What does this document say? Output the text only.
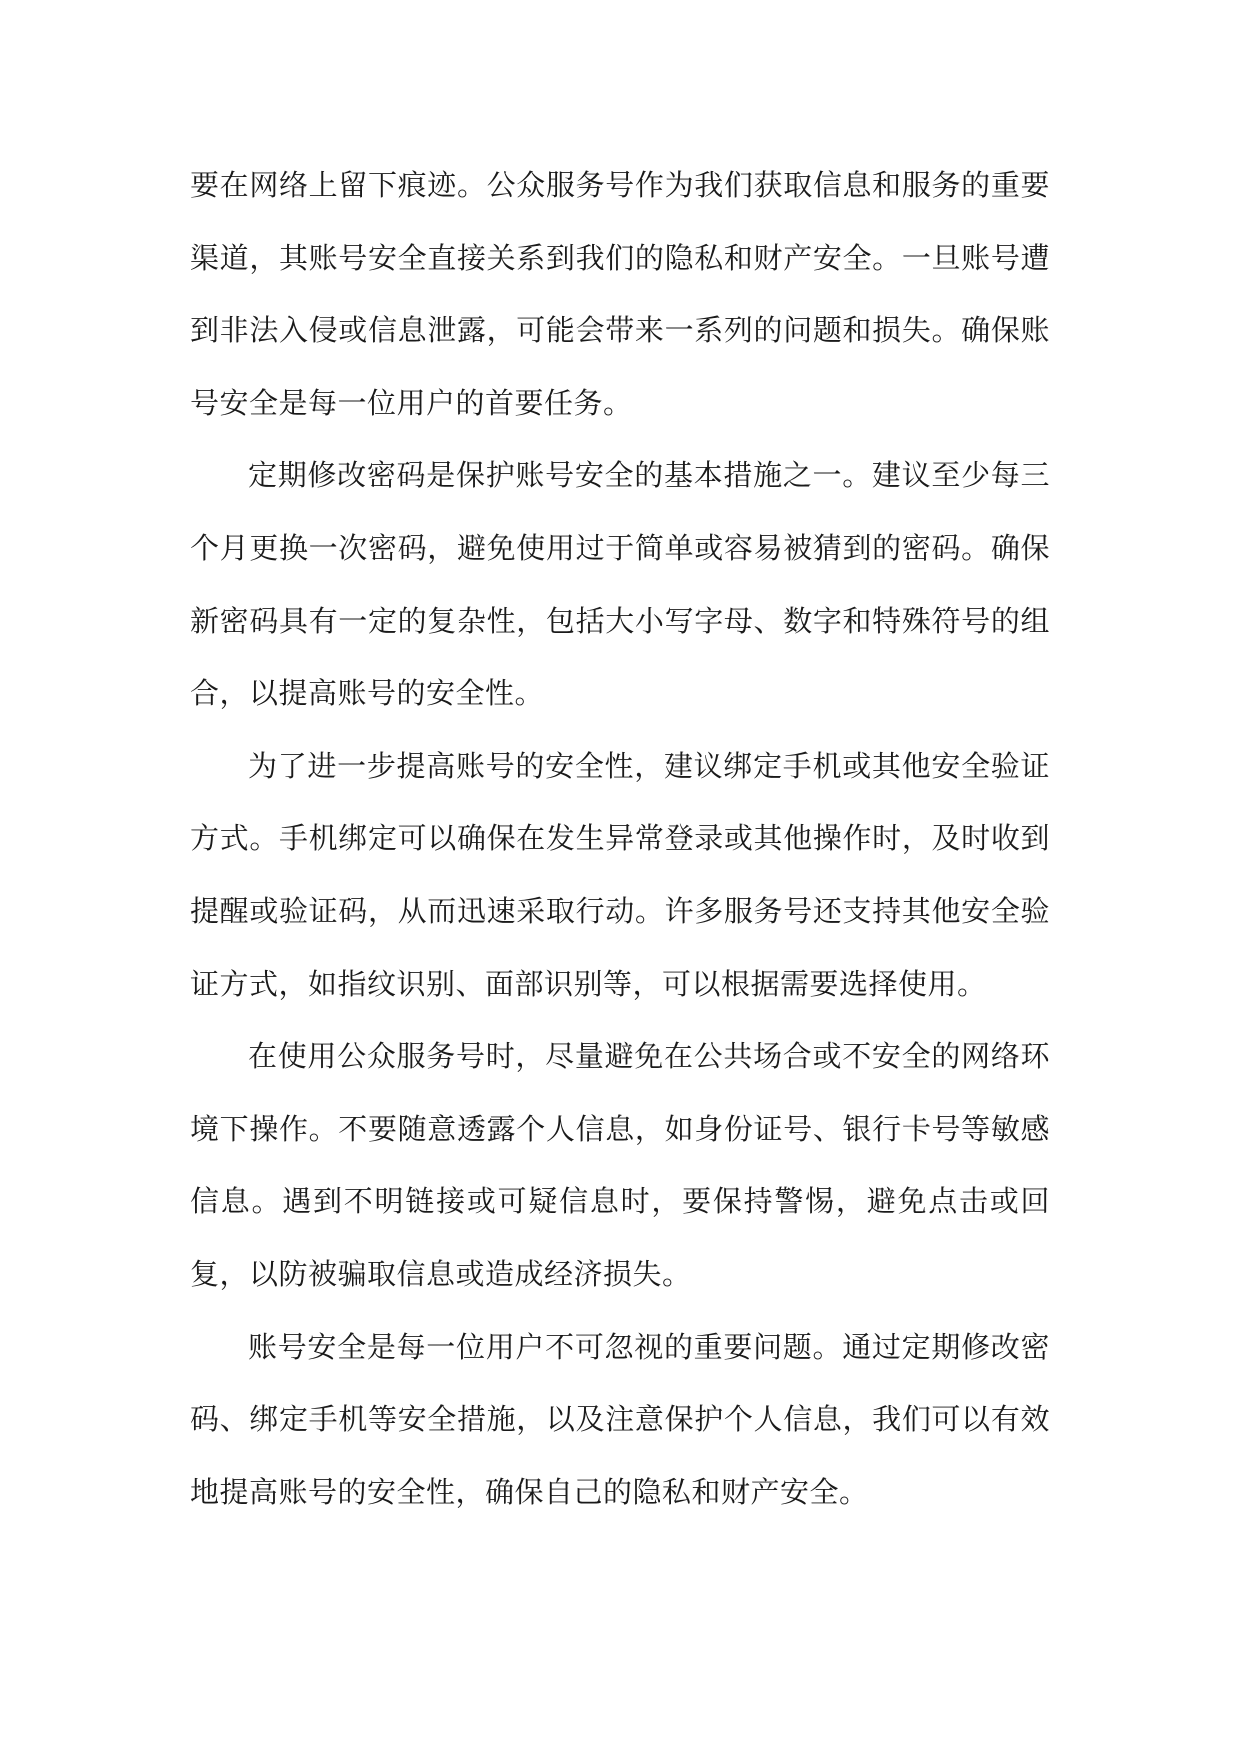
要在网络上留下痕迹。公众服务号作为我们获取信息和服务的重要渠道，其账号安全直接关系到我们的隐私和财产安全。一旦账号遭到非法入侵或信息泄露，可能会带来一系列的问题和损失。确保账号安全是每一位用户的首要任务。

定期修改密码是保护账号安全的基本措施之一。建议至少每三个月更换一次密码，避免使用过于简单或容易被猜到的密码。确保新密码具有一定的复杂性，包括大小写字母、数字和特殊符号的组合，以提高账号的安全性。

为了进一步提高账号的安全性，建议绑定手机或其他安全验证方式。手机绑定可以确保在发生异常登录或其他操作时，及时收到提醒或验证码，从而迅速采取行动。许多服务号还支持其他安全验证方式，如指纹识别、面部识别等，可以根据需要选择使用。

在使用公众服务号时，尽量避免在公共场合或不安全的网络环境下操作。不要随意透露个人信息，如身份证号、银行卡号等敏感信息。遇到不明链接或可疑信息时，要保持警惕，避免点击或回复，以防被骗取信息或造成经济损失。

账号安全是每一位用户不可忽视的重要问题。通过定期修改密码、绑定手机等安全措施，以及注意保护个人信息，我们可以有效地提高账号的安全性，确保自己的隐私和财产安全。
